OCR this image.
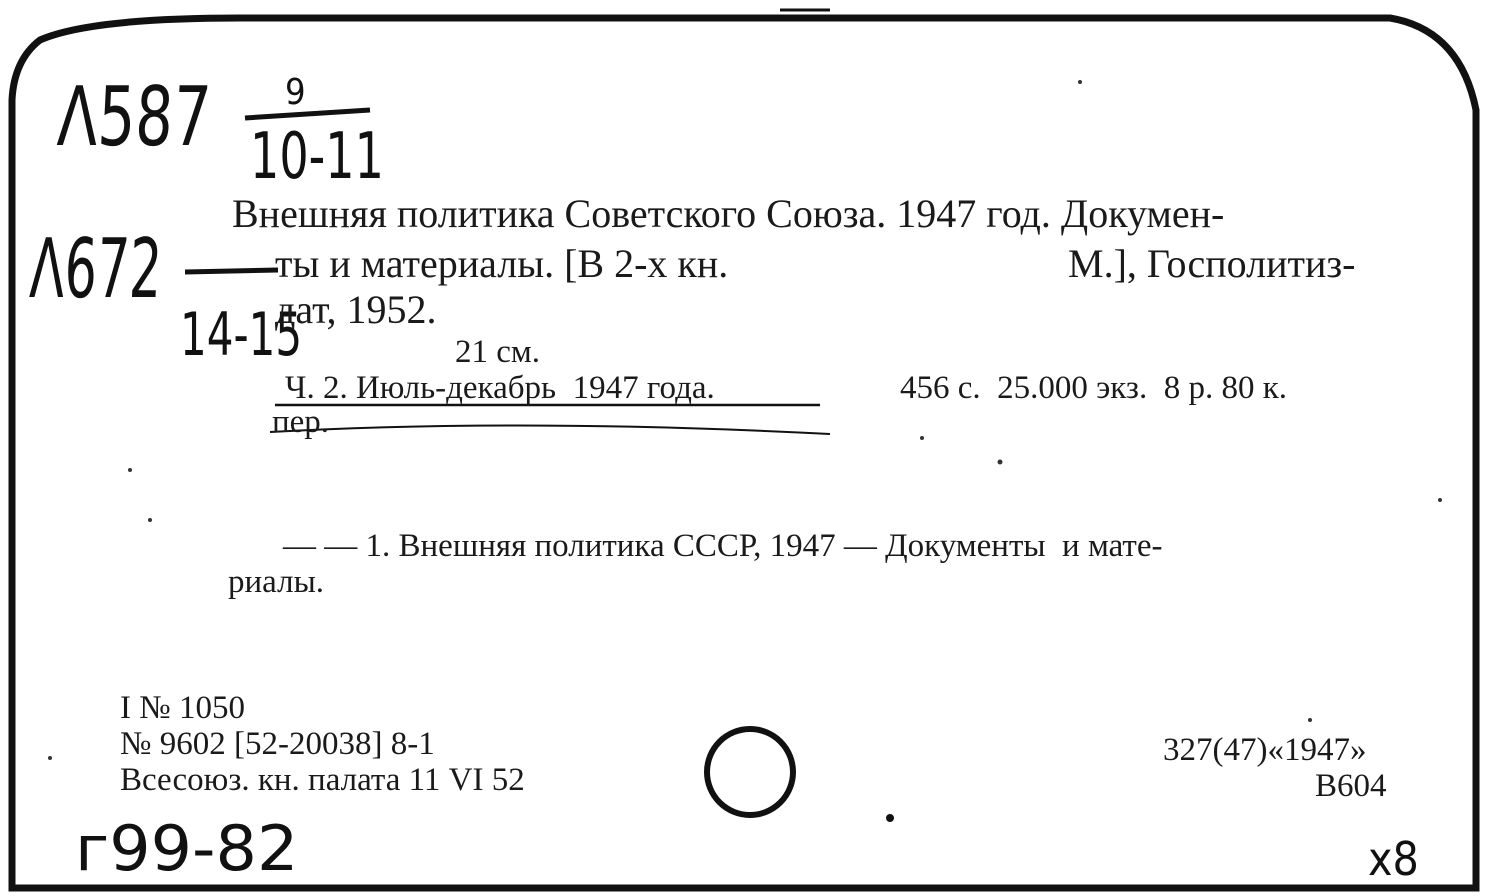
Λ587 9
10-11
Λ672
14-15
Внешняя политика Советского Союза. 1947 год. Докумен-
ты и материалы. [В 2-х кн.	М.], Госполитиз-
дат, 1952.
21 см.
Ч. 2. Июль-декабрь  1947 года.	456 с.  25.000 экз.  8 р. 80 к.
пер.
— — 1. Внешняя политика СССР, 1947 — Документы  и мате-
риалы.
I № 1050
№ 9602 [52-20038] 8-1
Всесоюз. кн. палата 11 VI 52
327(47)«1947»
В604
г99-82	x8
